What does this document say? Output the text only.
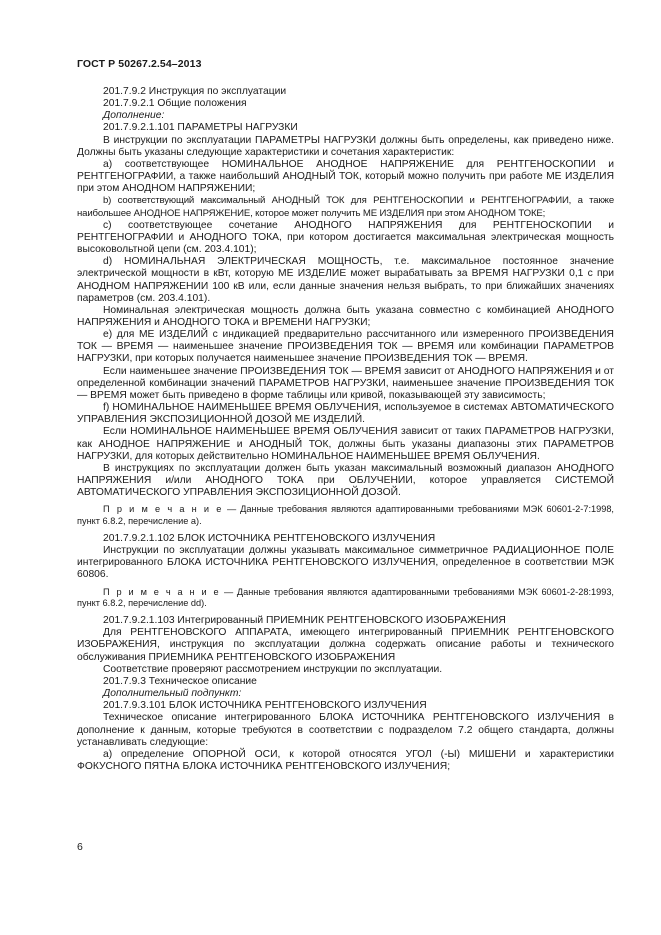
ГОСТ Р 50267.2.54–2013

201.7.9.2 Инструкция по эксплуатации

201.7.9.2.1 Общие положения

Дополнение:

201.7.9.2.1.101 ПАРАМЕТРЫ НАГРУЗКИ

В инструкции по эксплуатации ПАРАМЕТРЫ НАГРУЗКИ должны быть определены, как приведено ниже. Должны быть указаны следующие характеристики и сочетания характеристик:

а) соответствующее НОМИНАЛЬНОЕ АНОДНОЕ НАПРЯЖЕНИЕ для РЕНТГЕНОСКОПИИ и РЕНТГЕНОГРАФИИ, а также наибольший АНОДНЫЙ ТОК, который можно получить при работе МЕ ИЗДЕЛИЯ при этом АНОДНОМ НАПРЯЖЕНИИ;

b) соответствующий максимальный АНОДНЫЙ ТОК для РЕНТГЕНОСКОПИИ и РЕНТГЕНОГРАФИИ, а также наибольшее АНОДНОЕ НАПРЯЖЕНИЕ, которое может получить МЕ ИЗДЕЛИЯ при этом АНОДНОМ ТОКЕ;

с) соответствующее сочетание АНОДНОГО НАПРЯЖЕНИЯ для РЕНТГЕНОСКОПИИ и РЕНТГЕНОГРАФИИ и АНОДНОГО ТОКА, при котором достигается максимальная электрическая мощность высоковольтной цепи (см. 203.4.101);

d) НОМИНАЛЬНАЯ ЭЛЕКТРИЧЕСКАЯ МОЩНОСТЬ, т.е. максимальное постоянное значение электрической мощности в кВт, которую МЕ ИЗДЕЛИЕ может вырабатывать за ВРЕМЯ НАГРУЗКИ 0,1 с при АНОДНОМ НАПРЯЖЕНИИ 100 кВ или, если данные значения нельзя выбрать, то при ближайших значениях параметров (см. 203.4.101).

Номинальная электрическая мощность должна быть указана совместно с комбинацией АНОДНОГО НАПРЯЖЕНИЯ и АНОДНОГО ТОКА и ВРЕМЕНИ НАГРУЗКИ;

е) для МЕ ИЗДЕЛИЙ с индикацией предварительно рассчитанного или измеренного ПРОИЗВЕДЕНИЯ ТОК — ВРЕМЯ — наименьшее значение ПРОИЗВЕДЕНИЯ ТОК — ВРЕМЯ или комбинации ПАРАМЕТРОВ НАГРУЗКИ, при которых получается наименьшее значение ПРОИЗВЕДЕНИЯ ТОК — ВРЕМЯ.

Если наименьшее значение ПРОИЗВЕДЕНИЯ ТОК — ВРЕМЯ зависит от АНОДНОГО НАПРЯЖЕНИЯ и от определенной комбинации значений ПАРАМЕТРОВ НАГРУЗКИ, наименьшее значение ПРОИЗВЕДЕНИЯ ТОК — ВРЕМЯ может быть приведено в форме таблицы или кривой, показывающей эту зависимость;

f) НОМИНАЛЬНОЕ НАИМЕНЬШЕЕ ВРЕМЯ ОБЛУЧЕНИЯ, используемое в системах АВТОМАТИЧЕСКОГО УПРАВЛЕНИЯ ЭКСПОЗИЦИОННОЙ ДОЗОЙ МЕ ИЗДЕЛИЙ.

Если НОМИНАЛЬНОЕ НАИМЕНЬШЕЕ ВРЕМЯ ОБЛУЧЕНИЯ зависит от таких ПАРАМЕТРОВ НАГРУЗКИ, как АНОДНОЕ НАПРЯЖЕНИЕ и АНОДНЫЙ ТОК, должны быть указаны диапазоны этих ПАРАМЕТРОВ НАГРУЗКИ, для которых действительно НОМИНАЛЬНОЕ НАИМЕНЬШЕЕ ВРЕМЯ ОБЛУЧЕНИЯ.

В инструкциях по эксплуатации должен быть указан максимальный возможный диапазон АНОДНОГО НАПРЯЖЕНИЯ и/или АНОДНОГО ТОКА при ОБЛУЧЕНИИ, которое управляется СИСТЕМОЙ АВТОМАТИЧЕСКОГО УПРАВЛЕНИЯ ЭКСПОЗИЦИОННОЙ ДОЗОЙ.

П р и м е ч а н и е — Данные требования являются адаптированными требованиями МЭК 60601-2-7:1998, пункт 6.8.2, перечисление а).

201.7.9.2.1.102 БЛОК ИСТОЧНИКА РЕНТГЕНОВСКОГО ИЗЛУЧЕНИЯ

Инструкции по эксплуатации должны указывать максимальное симметричное РАДИАЦИОННОЕ ПОЛЕ интегрированного БЛОКА ИСТОЧНИКА РЕНТГЕНОВСКОГО ИЗЛУЧЕНИЯ, определенное в соответствии МЭК 60806.

П р и м е ч а н и е — Данные требования являются адаптированными требованиями МЭК 60601-2-28:1993, пункт 6.8.2, перечисление dd).

201.7.9.2.1.103 Интегрированный ПРИЕМНИК РЕНТГЕНОВСКОГО ИЗОБРАЖЕНИЯ

Для РЕНТГЕНОВСКОГО АППАРАТА, имеющего интегрированный ПРИЕМНИК РЕНТГЕНОВСКОГО ИЗОБРАЖЕНИЯ, инструкция по эксплуатации должна содержать описание работы и технического обслуживания ПРИЕМНИКА РЕНТГЕНОВСКОГО ИЗОБРАЖЕНИЯ

Соответствие проверяют рассмотрением инструкции по эксплуатации.

201.7.9.3 Техническое описание

Дополнительный подпункт:

201.7.9.3.101 БЛОК ИСТОЧНИКА РЕНТГЕНОВСКОГО ИЗЛУЧЕНИЯ

Техническое описание интегрированного БЛОКА ИСТОЧНИКА РЕНТГЕНОВСКОГО ИЗЛУЧЕНИЯ в дополнение к данным, которые требуются в соответствии с подразделом 7.2 общего стандарта, должны устанавливать следующие:

а) определение ОПОРНОЙ ОСИ, к которой относятся УГОЛ (-Ы) МИШЕНИ и характеристики ФОКУСНОГО ПЯТНА БЛОКА ИСТОЧНИКА РЕНТГЕНОВСКОГО ИЗЛУЧЕНИЯ;

6
